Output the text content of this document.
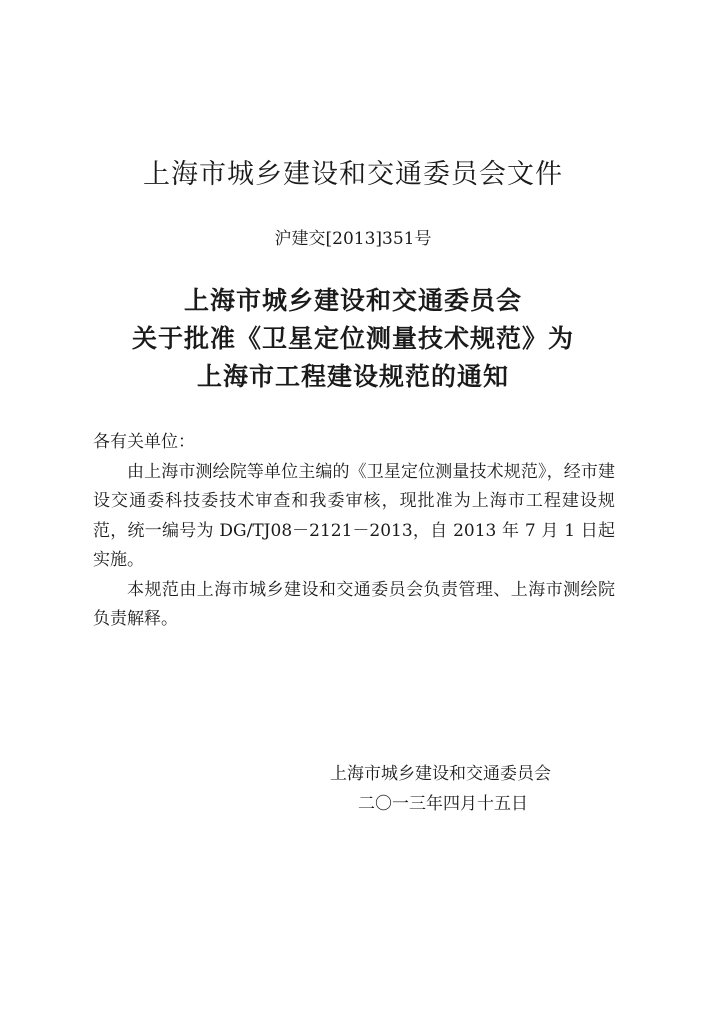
上海市城乡建设和交通委员会文件
沪建交[2013]351号
上海市城乡建设和交通委员会
关于批准《卫星定位测量技术规范》为
上海市工程建设规范的通知

各有关单位：

由上海市测绘院等单位主编的《卫星定位测量技术规范》，经市建设交通委科技委技术审查和我委审核，现批准为上海市工程建设规范，统一编号为 DG/TJ08－2121－2013，自 2013 年 7 月 1 日起实施。

本规范由上海市城乡建设和交通委员会负责管理、上海市测绘院负责解释。

上海市城乡建设和交通委员会
二〇一三年四月十五日
